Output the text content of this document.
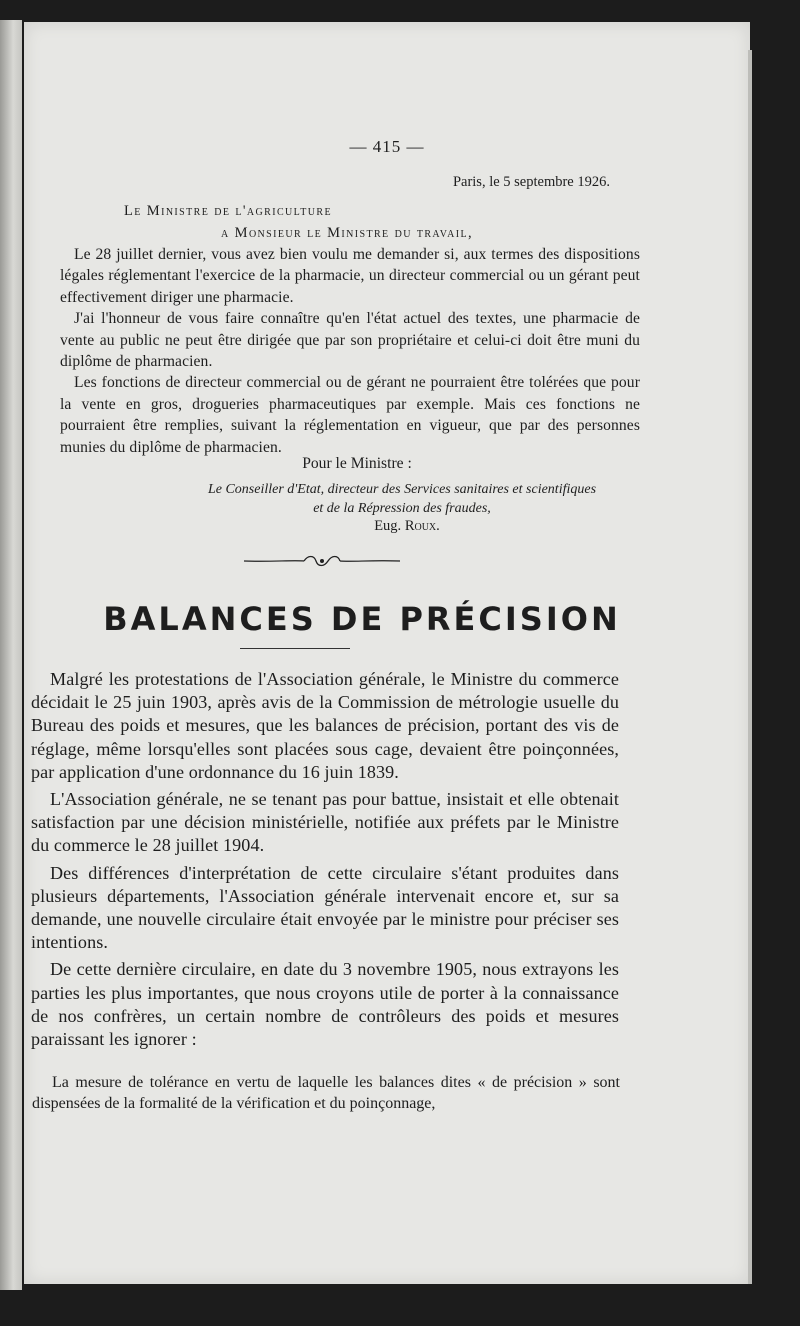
— 415 —
Paris, le 5 septembre 1926.
Le Ministre de l'agriculture
a Monsieur le Ministre du travail,

Le 28 juillet dernier, vous avez bien voulu me demander si, aux termes des dispositions légales réglementant l'exercice de la pharmacie, un directeur commercial ou un gérant peut effectivement diriger une pharmacie.

J'ai l'honneur de vous faire connaître qu'en l'état actuel des textes, une pharmacie de vente au public ne peut être dirigée que par son propriétaire et celui-ci doit être muni du diplôme de pharmacien.

Les fonctions de directeur commercial ou de gérant ne pourraient être tolérées que pour la vente en gros, drogueries pharmaceutiques par exemple. Mais ces fonctions ne pourraient être remplies, suivant la réglementation en vigueur, que par des personnes munies du diplôme de pharmacien.

Pour le Ministre :
Le Conseiller d'Etat, directeur des Services sanitaires et scientifiques
et de la Répression des fraudes,
Eug. Roux.
BALANCES DE PRÉCISION

Malgré les protestations de l'Association générale, le Ministre du commerce décidait le 25 juin 1903, après avis de la Commission de métrologie usuelle du Bureau des poids et mesures, que les balances de précision, portant des vis de réglage, même lorsqu'elles sont placées sous cage, devaient être poinçonnées, par application d'une ordonnance du 16 juin 1839.

L'Association générale, ne se tenant pas pour battue, insistait et elle obtenait satisfaction par une décision ministérielle, notifiée aux préfets par le Ministre du commerce le 28 juillet 1904.

Des différences d'interprétation de cette circulaire s'étant produites dans plusieurs départements, l'Association générale intervenait encore et, sur sa demande, une nouvelle circulaire était envoyée par le ministre pour préciser ses intentions.

De cette dernière circulaire, en date du 3 novembre 1905, nous extrayons les parties les plus importantes, que nous croyons utile de porter à la connaissance de nos confrères, un certain nombre de contrôleurs des poids et mesures paraissant les ignorer :

La mesure de tolérance en vertu de laquelle les balances dites « de précision » sont dispensées de la formalité de la vérification et du poinçonnage,
